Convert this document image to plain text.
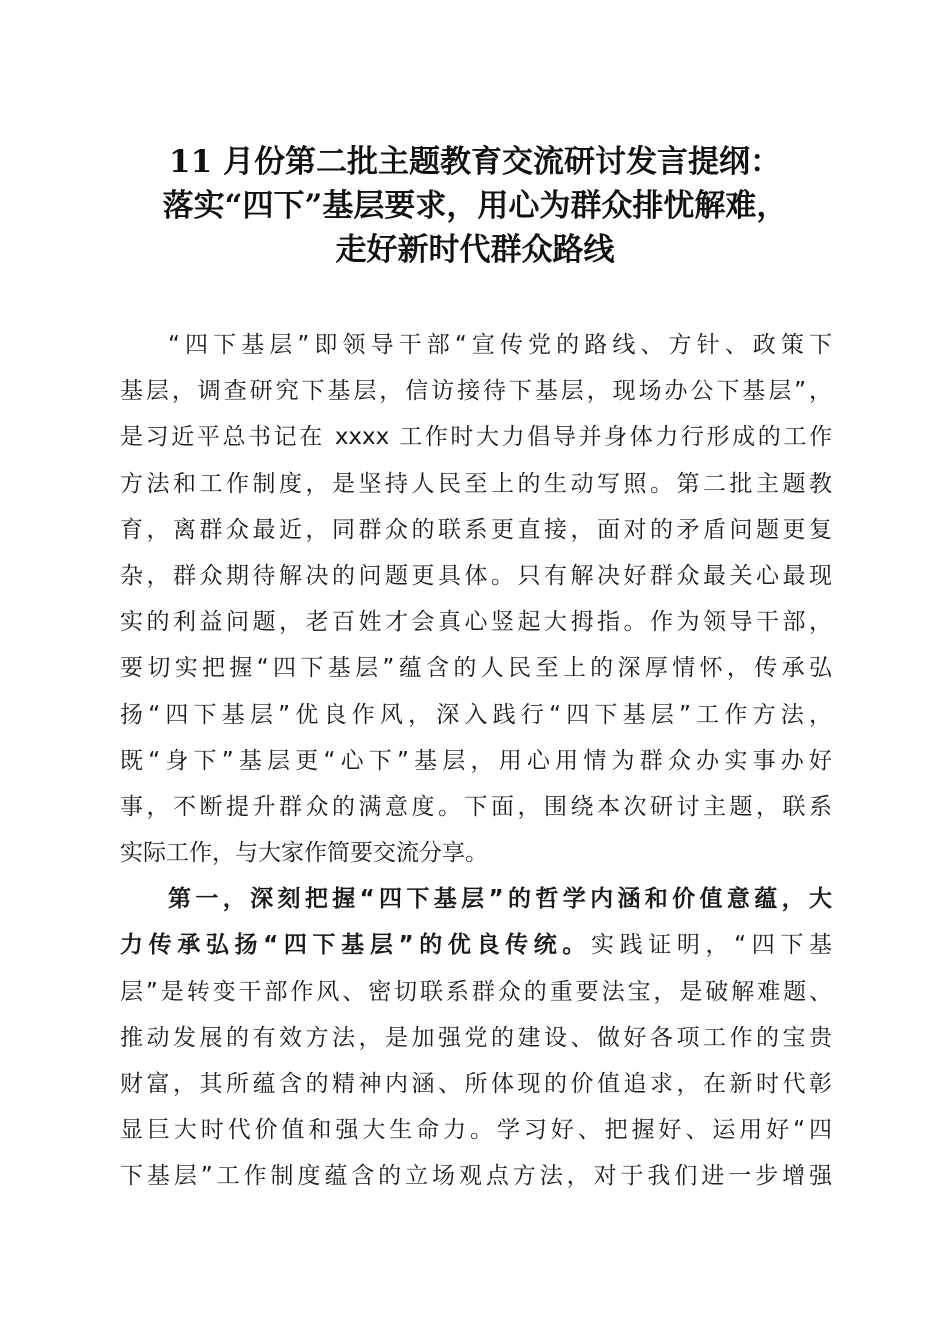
11 月份第二批主题教育交流研讨发言提纲：
落实“四下”基层要求，用心为群众排忧解难，
走好新时代群众路线
“四下基层”即领导干部“宣传党的路线、方针、政策下
基层，调查研究下基层，信访接待下基层，现场办公下基层”，
是习近平总书记在 xxxx 工作时大力倡导并身体力行形成的工作
方法和工作制度，是坚持人民至上的生动写照。第二批主题教
育，离群众最近，同群众的联系更直接，面对的矛盾问题更复
杂，群众期待解决的问题更具体。只有解决好群众最关心最现
实的利益问题，老百姓才会真心竖起大拇指。作为领导干部，
要切实把握“四下基层”蕴含的人民至上的深厚情怀，传承弘
扬“四下基层”优良作风，深入践行“四下基层”工作方法，
既“身下”基层更“心下”基层，用心用情为群众办实事办好
事，不断提升群众的满意度。下面，围绕本次研讨主题，联系
实际工作，与大家作简要交流分享。
第一，深刻把握“四下基层”的哲学内涵和价值意蕴，大
力传承弘扬“四下基层”的优良传统。实践证明，“四下基
层”是转变干部作风、密切联系群众的重要法宝，是破解难题、
推动发展的有效方法，是加强党的建设、做好各项工作的宝贵
财富，其所蕴含的精神内涵、所体现的价值追求，在新时代彰
显巨大时代价值和强大生命力。学习好、把握好、运用好“四
下基层”工作制度蕴含的立场观点方法，对于我们进一步增强
